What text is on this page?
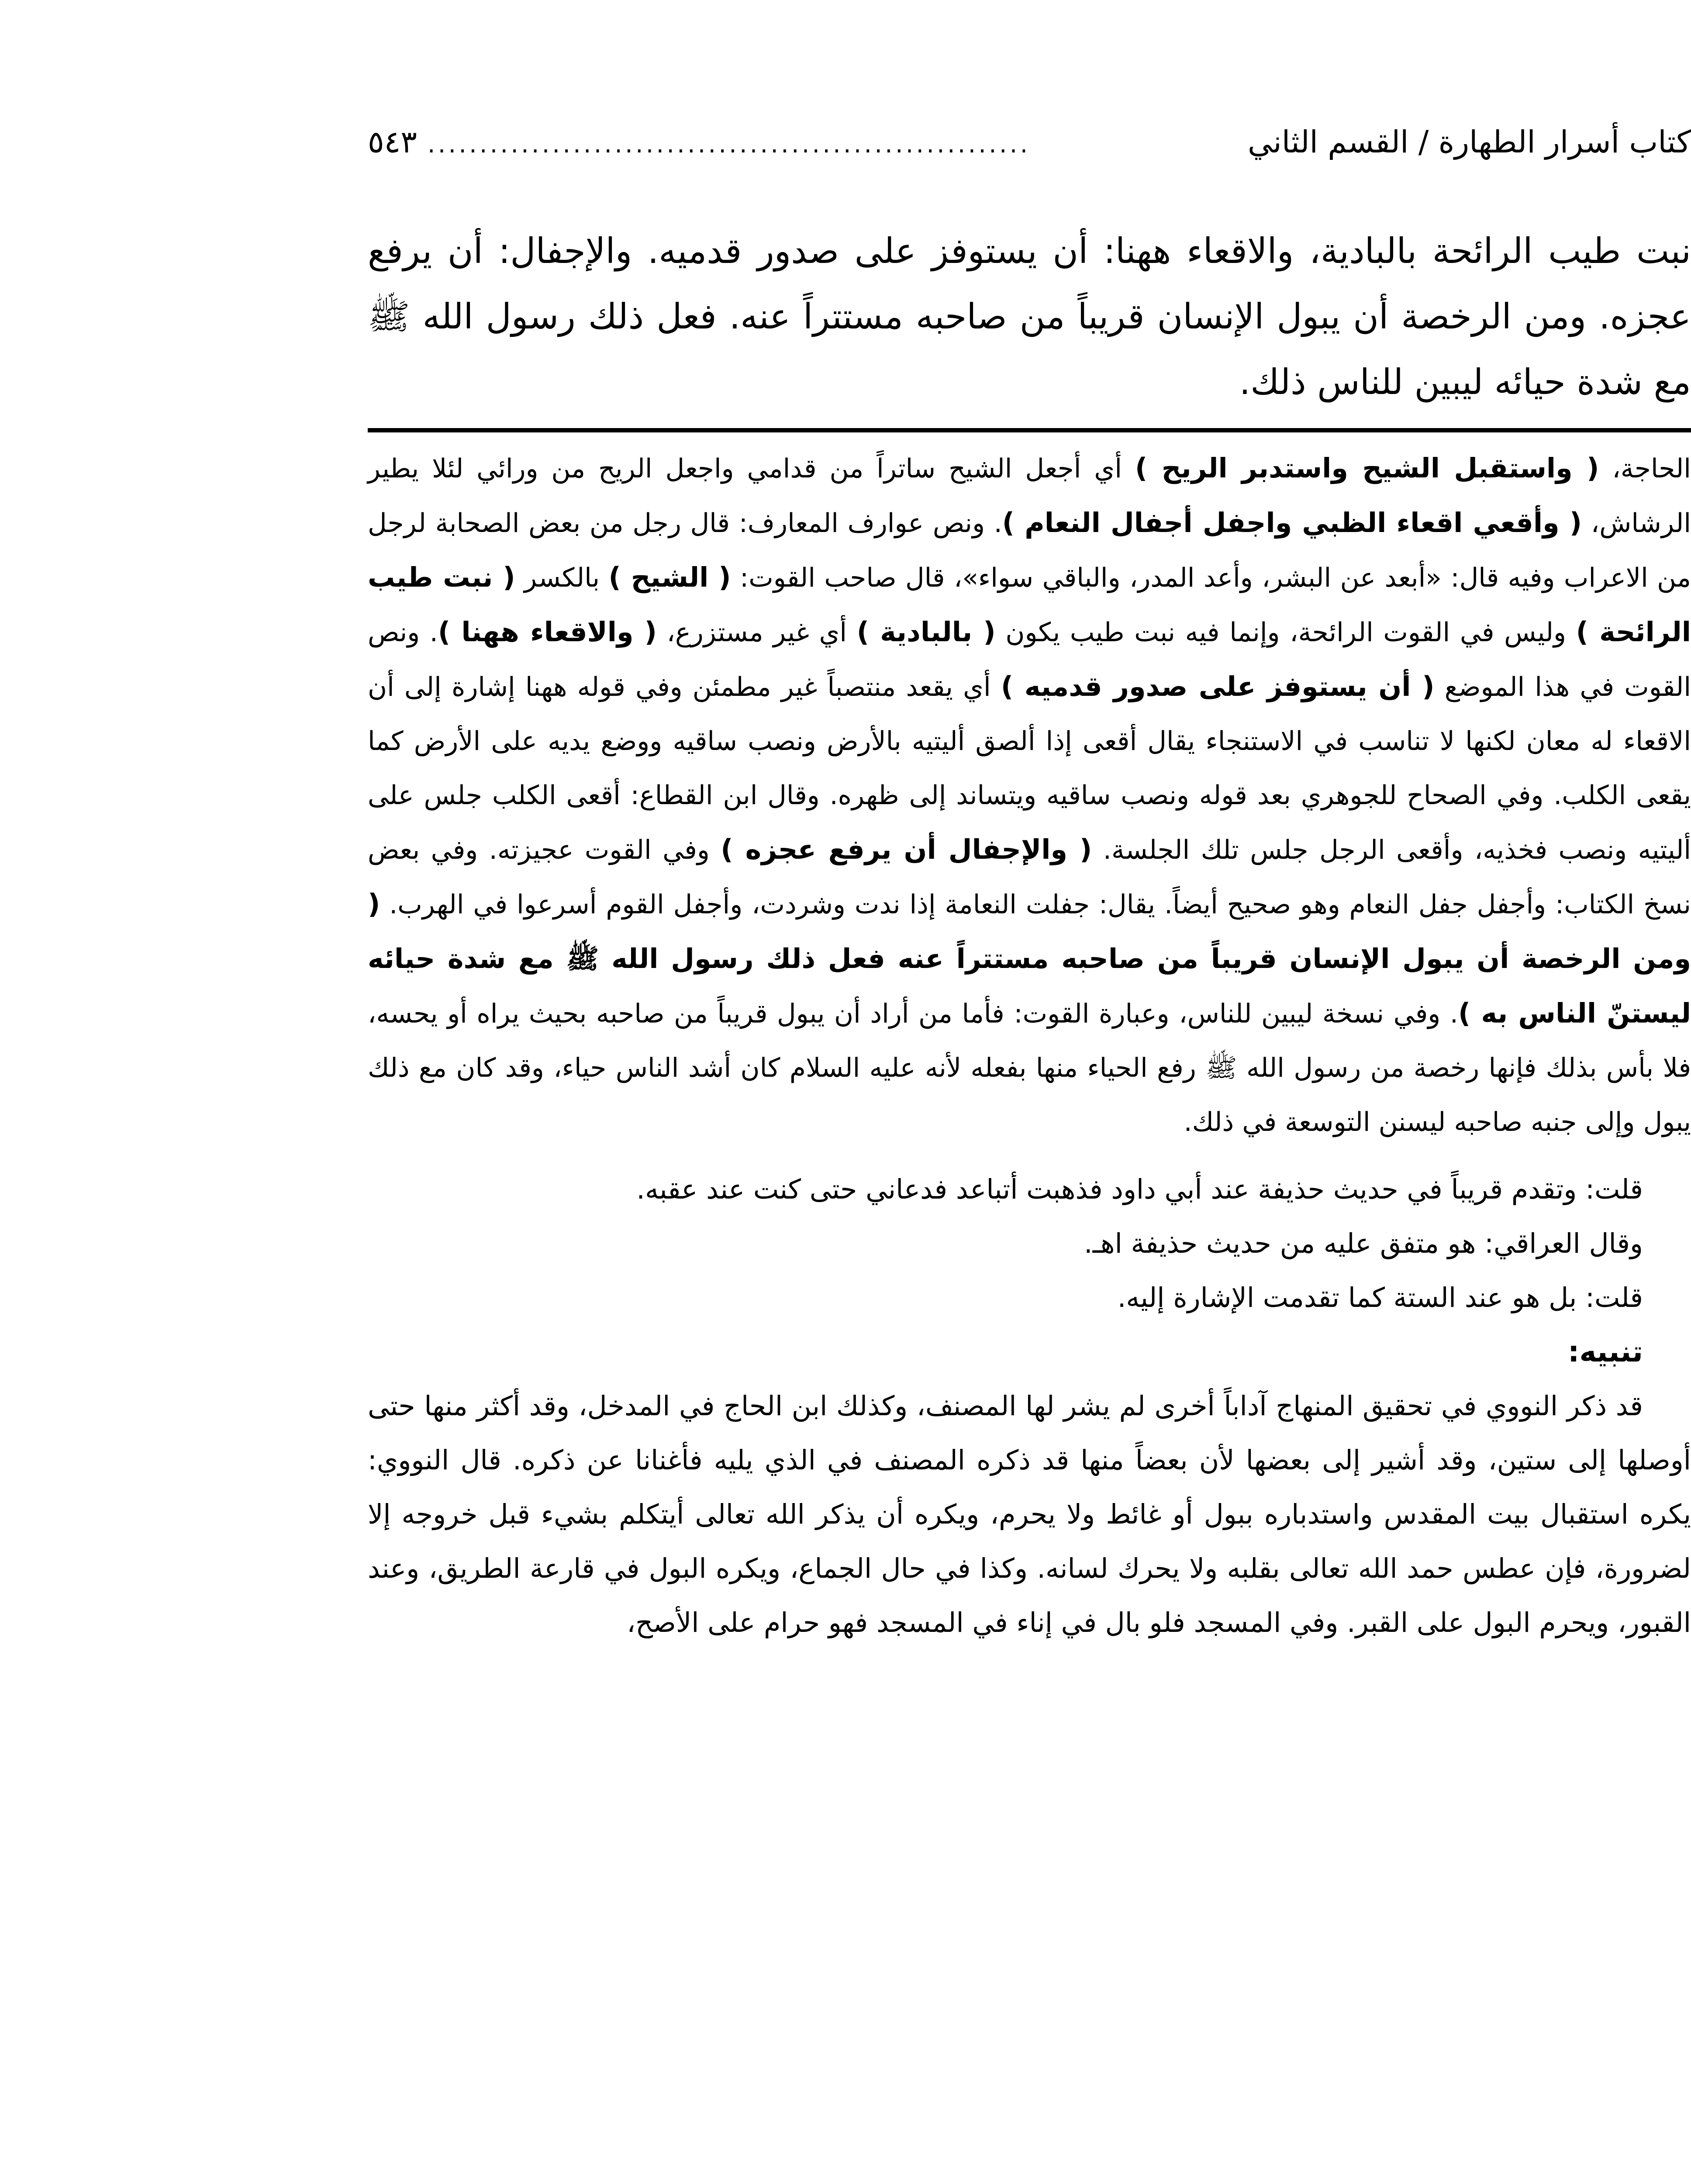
كتاب أسرار الطهارة / القسم الثاني
..........................................................
٥٤٣

نبت طيب الرائحة بالبادية، والاقعاء ههنا: أن يستوفز على صدور قدميه. والإجفال: أن يرفع عجزه. ومن الرخصة أن يبول الإنسان قريباً من صاحبه مستتراً عنه. فعل ذلك رسول الله ﷺ مع شدة حيائه ليبين للناس ذلك.

الحاجة، ( واستقبل الشيح واستدبر الريح ) أي أجعل الشيح ساتراً من قدامي واجعل الريح من ورائي لئلا يطير الرشاش، ( وأقعي اقعاء الظبي واجفل أجفال النعام ). ونص عوارف المعارف: قال رجل من بعض الصحابة لرجل من الاعراب وفيه قال: «أبعد عن البشر، وأعد المدر، والباقي سواء»، قال صاحب القوت: ( الشيح ) بالكسر ( نبت طيب الرائحة ) وليس في القوت الرائحة، وإنما فيه نبت طيب يكون ( بالبادية ) أي غير مستزرع، ( والاقعاء ههنا ). ونص القوت في هذا الموضع ( أن يستوفز على صدور قدميه ) أي يقعد منتصباً غير مطمئن وفي قوله ههنا إشارة إلى أن الاقعاء له معان لكنها لا تناسب في الاستنجاء يقال أقعى إذا ألصق أليتيه بالأرض ونصب ساقيه ووضع يديه على الأرض كما يقعى الكلب. وفي الصحاح للجوهري بعد قوله ونصب ساقيه ويتساند إلى ظهره. وقال ابن القطاع: أقعى الكلب جلس على أليتيه ونصب فخذيه، وأقعى الرجل جلس تلك الجلسة. ( والإجفال أن يرفع عجزه ) وفي القوت عجيزته. وفي بعض نسخ الكتاب: وأجفل جفل النعام وهو صحيح أيضاً. يقال: جفلت النعامة إذا ندت وشردت، وأجفل القوم أسرعوا في الهرب. ( ومن الرخصة أن يبول الإنسان قريباً من صاحبه مستتراً عنه فعل ذلك رسول الله ﷺ مع شدة حيائه ليستنّ الناس به ). وفي نسخة ليبين للناس، وعبارة القوت: فأما من أراد أن يبول قريباً من صاحبه بحيث يراه أو يحسه، فلا بأس بذلك فإنها رخصة من رسول الله ﷺ رفع الحياء منها بفعله لأنه عليه السلام كان أشد الناس حياء، وقد كان مع ذلك يبول وإلى جنبه صاحبه ليسنن التوسعة في ذلك.

قلت: وتقدم قريباً في حديث حذيفة عند أبي داود فذهبت أتباعد فدعاني حتى كنت عند عقبه.

وقال العراقي: هو متفق عليه من حديث حذيفة اهـ.

قلت: بل هو عند الستة كما تقدمت الإشارة إليه.

تنبيه:

قد ذكر النووي في تحقيق المنهاج آداباً أخرى لم يشر لها المصنف، وكذلك ابن الحاج في المدخل، وقد أكثر منها حتى أوصلها إلى ستين، وقد أشير إلى بعضها لأن بعضاً منها قد ذكره المصنف في الذي يليه فأغنانا عن ذكره. قال النووي: يكره استقبال بيت المقدس واستدباره ببول أو غائط ولا يحرم، ويكره أن يذكر الله تعالى أيتكلم بشيء قبل خروجه إلا لضرورة، فإن عطس حمد الله تعالى بقلبه ولا يحرك لسانه. وكذا في حال الجماع، ويكره البول في قارعة الطريق، وعند القبور، ويحرم البول على القبر. وفي المسجد فلو بال في إناء في المسجد فهو حرام على الأصح،
